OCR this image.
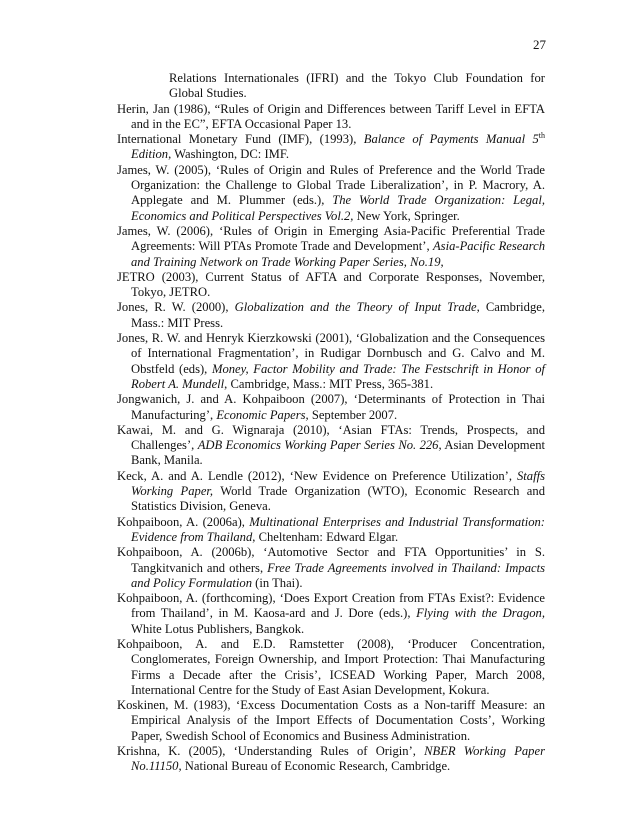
27

Relations Internationales (IFRI) and the Tokyo Club Foundation for Global Studies.

Herin, Jan (1986), “Rules of Origin and Differences between Tariff Level in EFTA and in the EC”, EFTA Occasional Paper 13.

International Monetary Fund (IMF), (1993), Balance of Payments Manual 5th Edition, Washington, DC: IMF.

James, W. (2005), ‘Rules of Origin and Rules of Preference and the World Trade Organization: the Challenge to Global Trade Liberalization’, in P. Macrory, A. Applegate and M. Plummer (eds.), The World Trade Organization: Legal, Economics and Political Perspectives Vol.2, New York, Springer.

James, W. (2006), ‘Rules of Origin in Emerging Asia-Pacific Preferential Trade Agreements: Will PTAs Promote Trade and Development’, Asia-Pacific Research and Training Network on Trade Working Paper Series, No.19,

JETRO (2003), Current Status of AFTA and Corporate Responses, November, Tokyo, JETRO.

Jones, R. W. (2000), Globalization and the Theory of Input Trade, Cambridge, Mass.: MIT Press.

Jones, R. W. and Henryk Kierzkowski (2001), ‘Globalization and the Consequences of International Fragmentation’, in Rudigar Dornbusch and G. Calvo and M. Obstfeld (eds), Money, Factor Mobility and Trade: The Festschrift in Honor of Robert A. Mundell, Cambridge, Mass.: MIT Press, 365-381.

Jongwanich, J. and A. Kohpaiboon (2007), ‘Determinants of Protection in Thai Manufacturing’, Economic Papers, September 2007.

Kawai, M. and G. Wignaraja (2010), ‘Asian FTAs: Trends, Prospects, and Challenges’, ADB Economics Working Paper Series No. 226, Asian Development Bank, Manila.

Keck, A. and A. Lendle (2012), ‘New Evidence on Preference Utilization’, Staffs Working Paper, World Trade Organization (WTO), Economic Research and Statistics Division, Geneva.

Kohpaiboon, A. (2006a), Multinational Enterprises and Industrial Transformation: Evidence from Thailand, Cheltenham: Edward Elgar.

Kohpaiboon, A. (2006b), ‘Automotive Sector and FTA Opportunities’ in S. Tangkitvanich and others, Free Trade Agreements involved in Thailand: Impacts and Policy Formulation (in Thai).

Kohpaiboon, A. (forthcoming), ‘Does Export Creation from FTAs Exist?: Evidence from Thailand’, in M. Kaosa-ard and J. Dore (eds.), Flying with the Dragon, White Lotus Publishers, Bangkok.

Kohpaiboon, A. and E.D. Ramstetter (2008), ‘Producer Concentration, Conglomerates, Foreign Ownership, and Import Protection: Thai Manufacturing Firms a Decade after the Crisis’, ICSEAD Working Paper, March 2008, International Centre for the Study of East Asian Development, Kokura.

Koskinen, M. (1983), ‘Excess Documentation Costs as a Non-tariff Measure: an Empirical Analysis of the Import Effects of Documentation Costs’, Working Paper, Swedish School of Economics and Business Administration.

Krishna, K. (2005), ‘Understanding Rules of Origin’, NBER Working Paper No.11150, National Bureau of Economic Research, Cambridge.
